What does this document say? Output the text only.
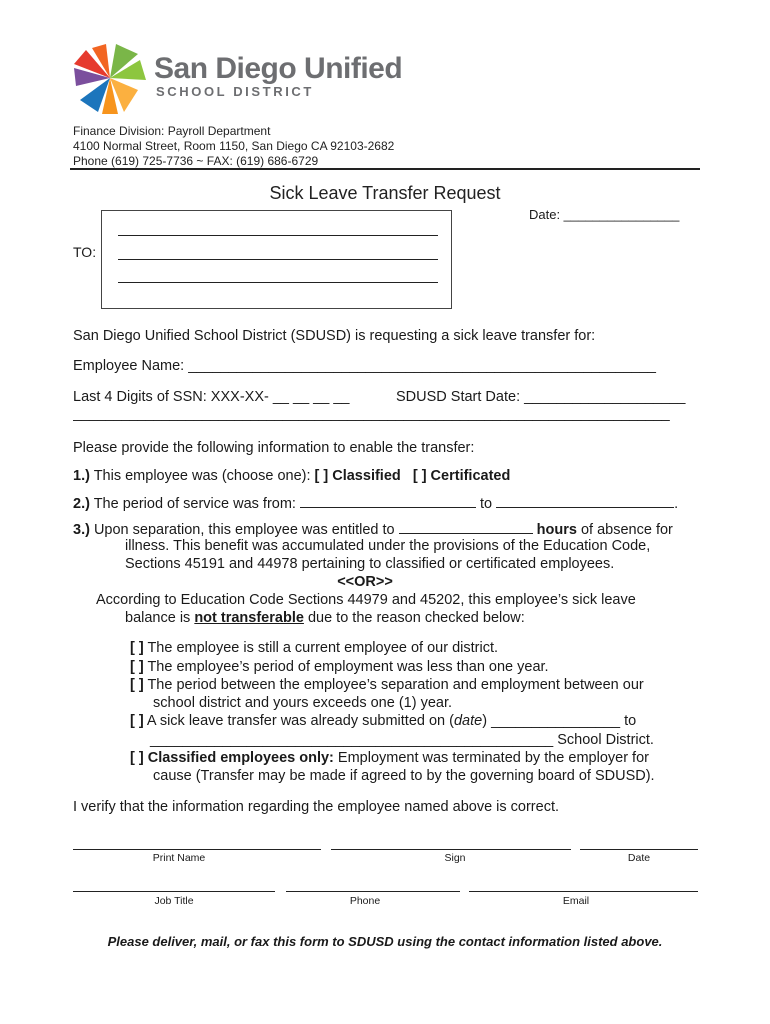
San Diego Unified
SCHOOL DISTRICT
Finance Division: Payroll Department
4100 Normal Street, Room 1150, San Diego CA 92103-2682
Phone (619) 725-7736 ~ FAX: (619) 686-6729
Sick Leave Transfer Request
Date: ________________
TO:
San Diego Unified School District (SDUSD) is requesting a sick leave transfer for:
Employee Name: __________________________________________________________
Last 4 Digits of SSN: XXX-XX- __ __ __ __	SDUSD Start Date: ____________________
__________________________________________________________________________
Please provide the following information to enable the transfer:
1.) This employee was (choose one): [ ] Classified [ ] Certificated
2.) The period of service was from:	to	.
3.) Upon separation, this employee was entitled to	hours of absence for
illness. This benefit was accumulated under the provisions of the Education Code,
Sections 45191 and 44978 pertaining to classified or certificated employees.
<<OR>>
According to Education Code Sections 44979 and 45202, this employee’s sick leave
balance is not transferable due to the reason checked below:
[ ] The employee is still a current employee of our district.
[ ] The employee’s period of employment was less than one year.
[ ] The period between the employee’s separation and employment between our
school district and yours exceeds one (1) year.
[ ] A sick leave transfer was already submitted on (date) ________________ to
__________________________________________________ School District.
[ ] Classified employees only: Employment was terminated by the employer for
cause (Transfer may be made if agreed to by the governing board of SDUSD).
I verify that the information regarding the employee named above is correct.
Print Name	Sign	Date
Job Title	Phone	Email
Please deliver, mail, or fax this form to SDUSD using the contact information listed above.
